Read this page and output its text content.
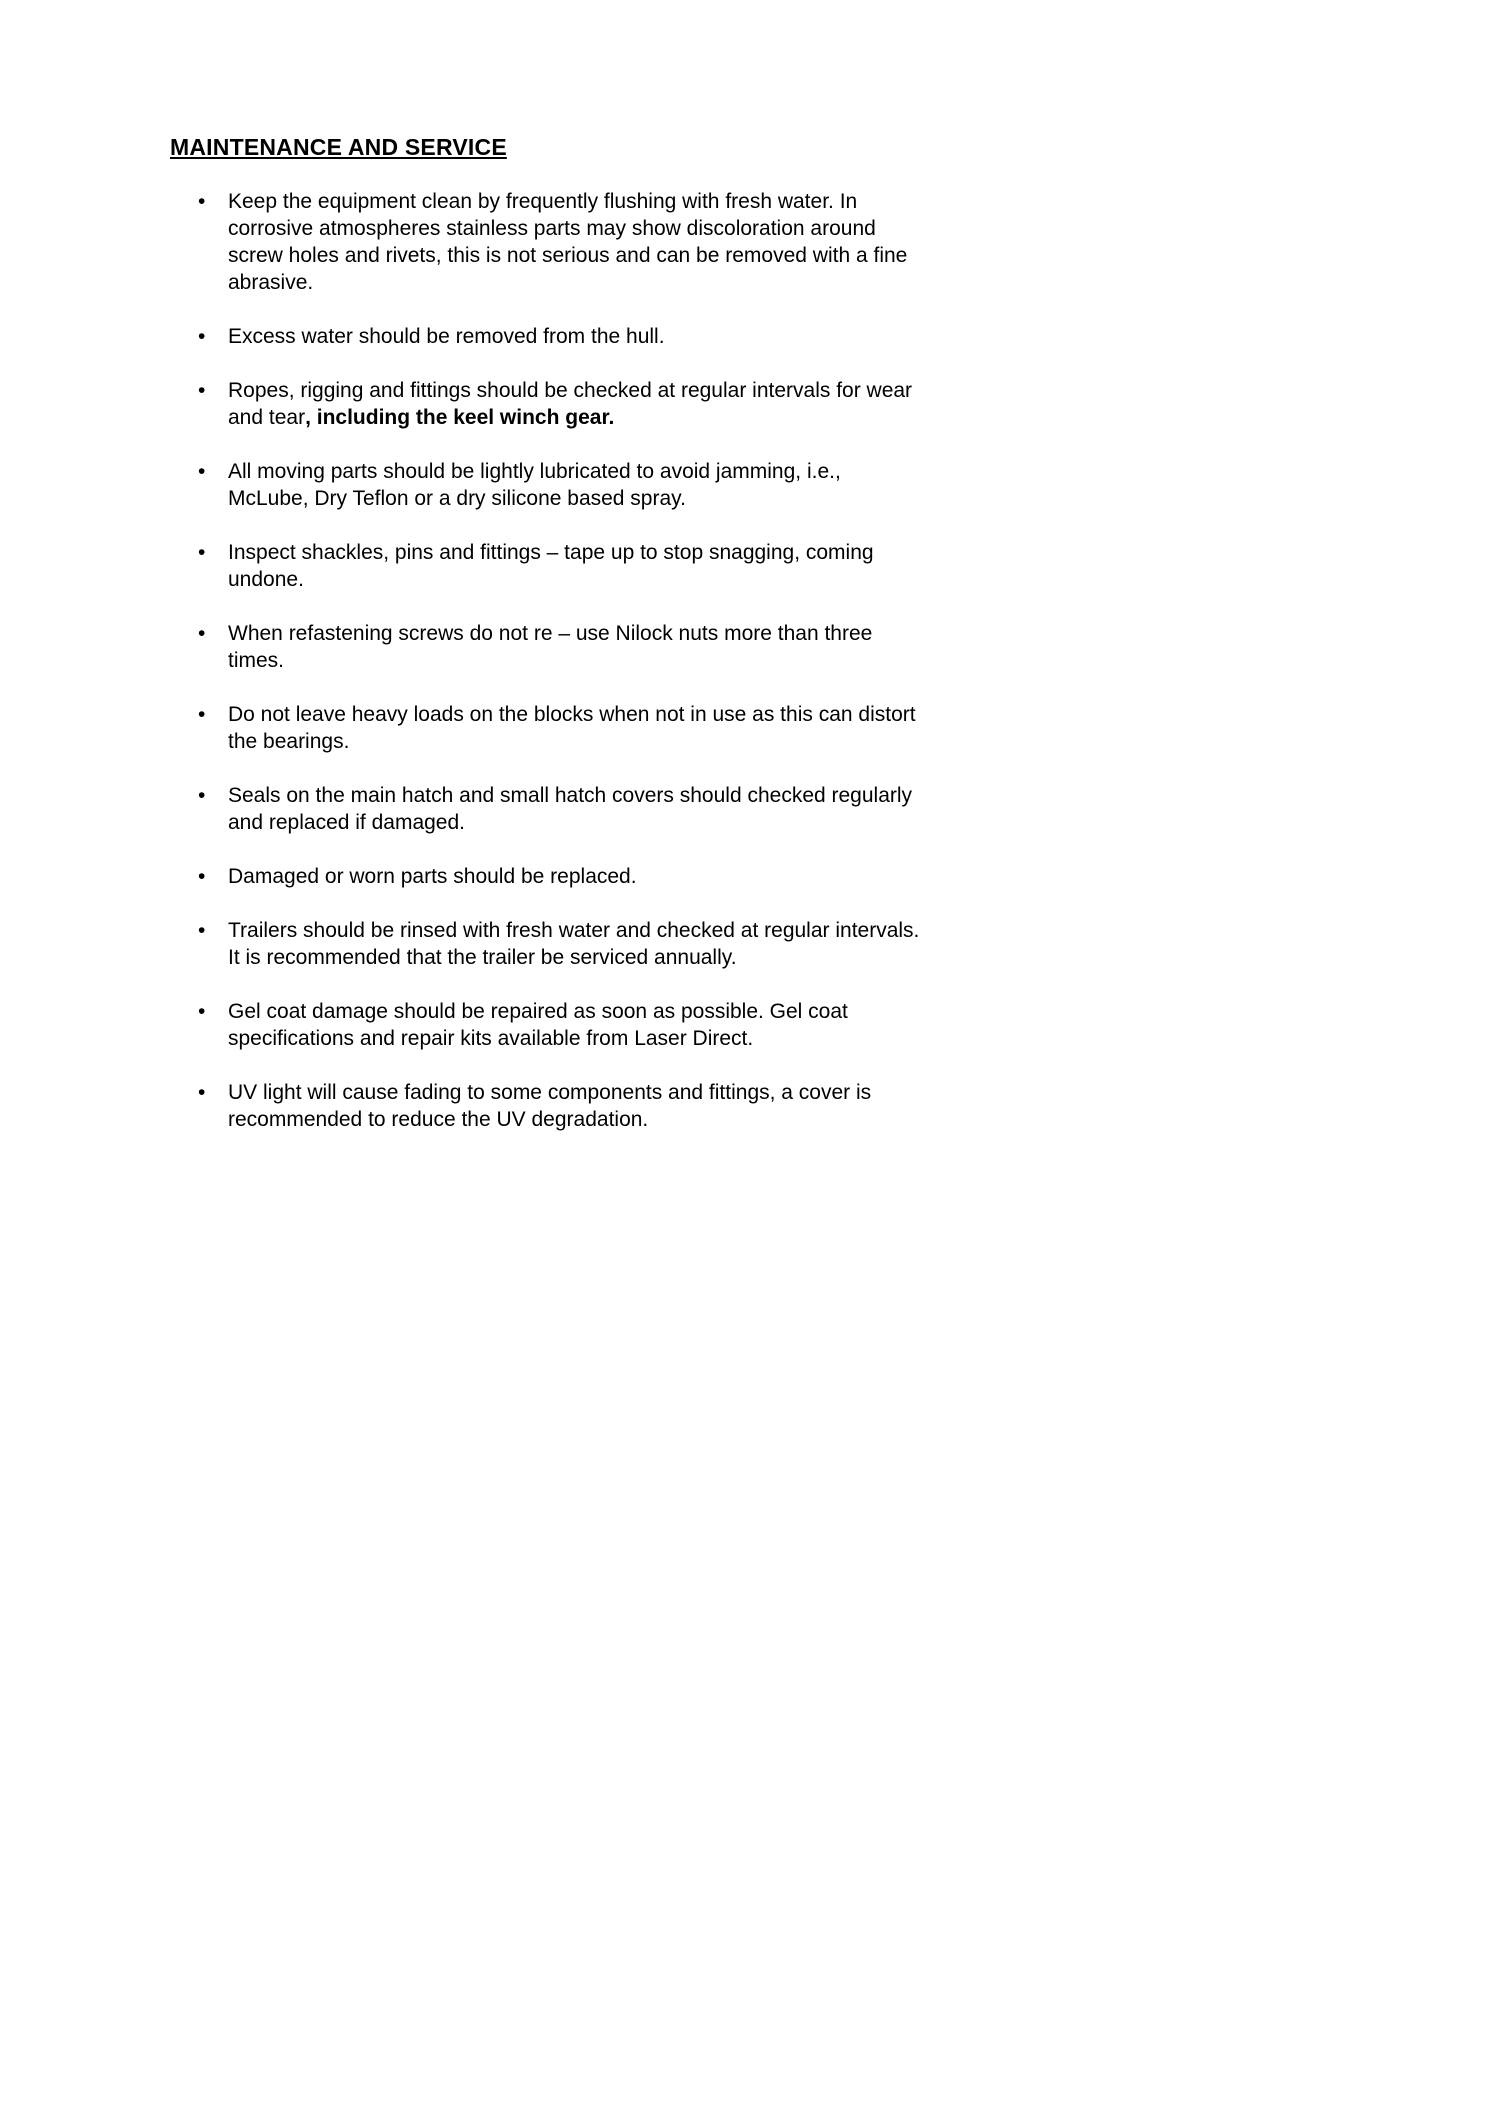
MAINTENANCE AND SERVICE
•	Keep the equipment clean by frequently flushing with fresh water. In corrosive atmospheres stainless parts may show discoloration around screw holes and rivets, this is not serious and can be removed with a fine abrasive.
•	Excess water should be removed from the hull.
•	Ropes, rigging and fittings should be checked at regular intervals for wear and tear, including the keel winch gear.
•	All moving parts should be lightly lubricated to avoid jamming, i.e., McLube, Dry Teflon or a dry silicone based spray.
•	Inspect shackles, pins and fittings – tape up to stop snagging, coming undone.
•	When refastening screws do not re – use Nilock nuts more than three times.
•	Do not leave heavy loads on the blocks when not in use as this can distort the bearings.
•	Seals on the main hatch and small hatch covers should checked regularly and replaced if damaged.
•	Damaged or worn parts should be replaced.
•	Trailers should be rinsed with fresh water and checked at regular intervals. It is recommended that the trailer be serviced annually.
•	Gel coat damage should be repaired as soon as possible. Gel coat specifications and repair kits available from Laser Direct.
•	UV light will cause fading to some components and fittings, a cover is recommended to reduce the UV degradation.
